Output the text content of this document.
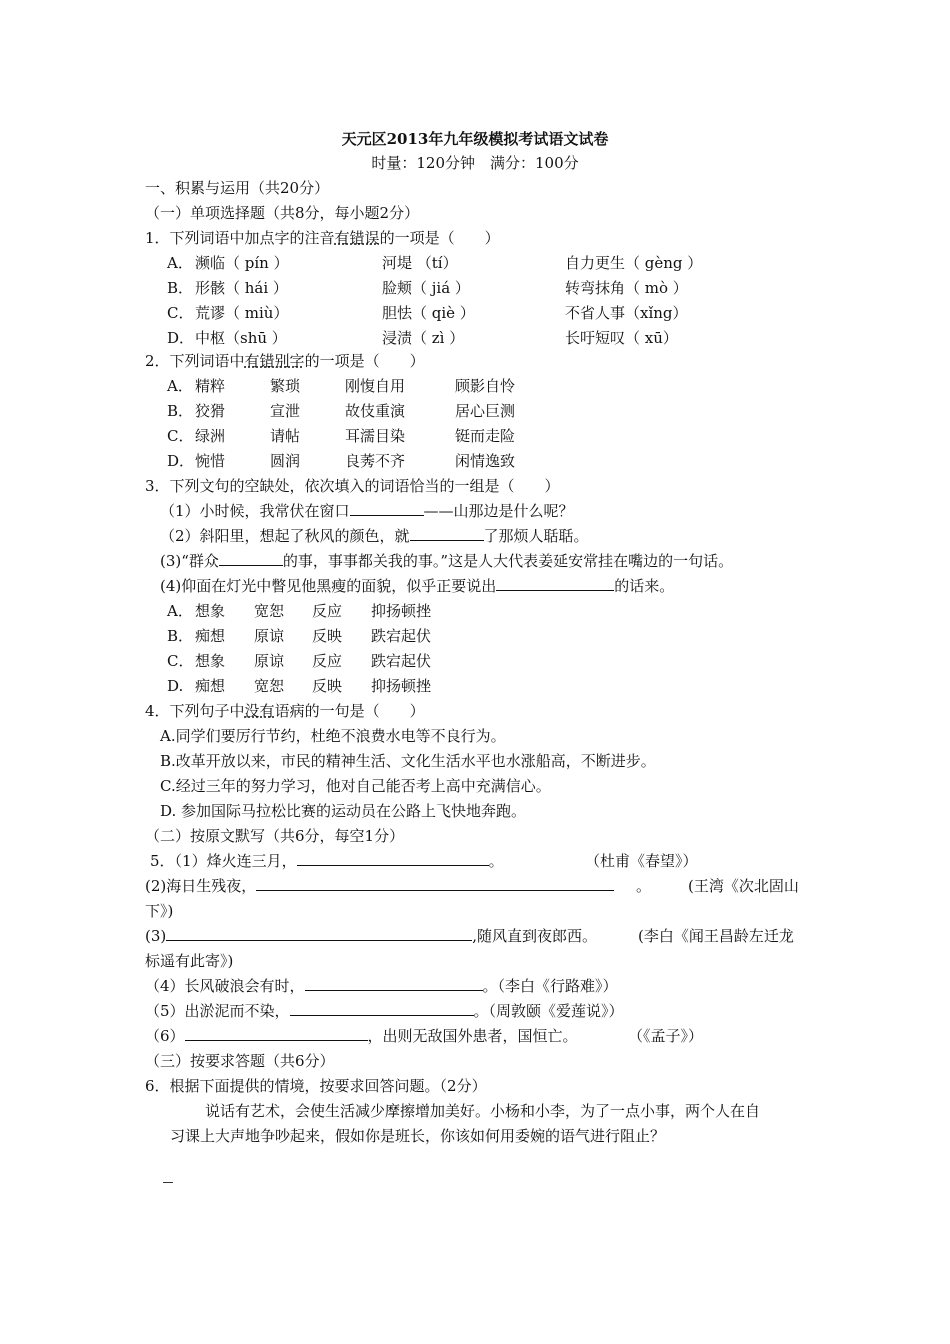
天元区2013年九年级模拟考试语文试卷
时量：120分钟　满分：100分
一、积累与运用（共20分）
（一）单项选择题（共8分，每小题2分）
1．下列词语中加点字的注音有错误的一项是（　　）
A． 濒临（ pín ）	河堤 （tí）	自力更生（ gèng ）
B． 形骸（ hái ）	脸颊（ jiá ）	转弯抹角（ mò ）
C． 荒谬（ miù）	胆怯（ qiè ）	不省人事（xǐng）
D． 中枢（shū ）	浸渍（ zì ）	长吁短叹（ xū）
2．下列词语中有错别字的一项是（　　）
A． 精粹	繁琐	刚愎自用	顾影自怜
B． 狡猾	宣泄	故伎重演	居心巨测
C． 绿洲	请帖	耳濡目染	铤而走险
D． 惋惜	圆润	良莠不齐	闲情逸致
3．下列文句的空缺处，依次填入的词语恰当的一组是（　　）
（1）小时候，我常伏在窗口	——山那边是什么呢？
（2）斜阳里，想起了秋风的颜色，就	了那烦人聒聒。
(3)“群众	的事，事事都关我的事。”这是人大代表姜延安常挂在嘴边的一句话。
(4)仰面在灯光中瞥见他黑瘦的面貌，似乎正要说出	的话来。
A． 想象 宽恕 反应 抑扬顿挫
B． 痴想 原谅 反映 跌宕起伏
C． 想象 原谅 反应 跌宕起伏
D. 痴想 宽恕 反映 抑扬顿挫
4．下列句子中没有语病的一句是（　　）
A.同学们要厉行节约，杜绝不浪费水电等不良行为。
B.改革开放以来，市民的精神生活、文化生活水平也水涨船高，不断进步。
C.经过三年的努力学习，他对自己能否考上高中充满信心。
D. 参加国际马拉松比赛的运动员在公路上飞快地奔跑。
（二）按原文默写（共6分，每空1分）
5．（1）烽火连三月，	。	（杜甫《春望》）
(2)海日生残夜，	。 (王湾《次北固山
下》)
(3)	,随风直到夜郎西。	(李白《闻王昌龄左迁龙
标遥有此寄》)
（4）长风破浪会有时，	。（李白《行路难》）
（5）出淤泥而不染，	。（周敦颐《爱莲说》）
（6）	，出则无敌国外患者，国恒亡。	（《孟子》）
（三）按要求答题（共6分）
6．根据下面提供的情境，按要求回答问题。（2分）
说话有艺术，会使生活减少摩擦增加美好。小杨和小李，为了一点小事，两个人在自
习课上大声地争吵起来，假如你是班长，你该如何用委婉的语气进行阻止？
